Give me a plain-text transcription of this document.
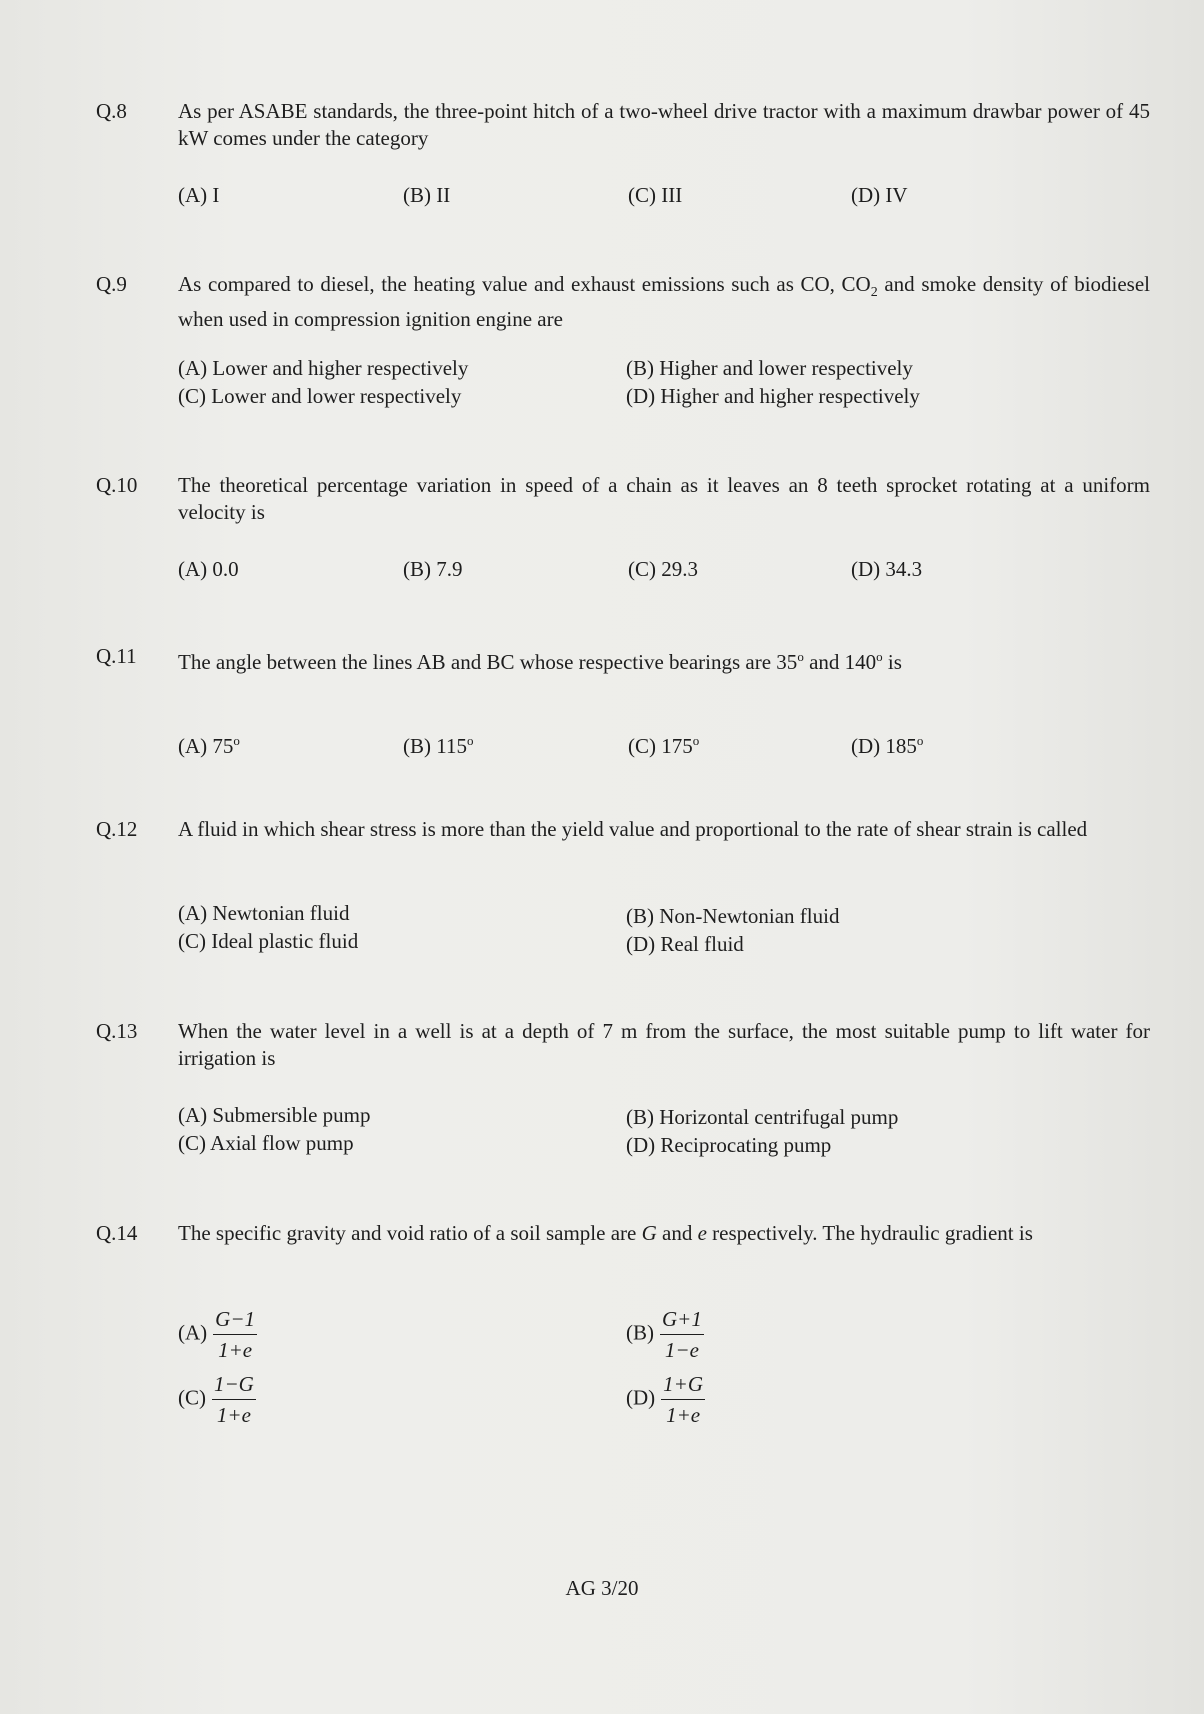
Q.8 As per ASABE standards, the three-point hitch of a two-wheel drive tractor with a maximum drawbar power of 45 kW comes under the category
(A) I	(B) II	(C) III	(D) IV
Q.9 As compared to diesel, the heating value and exhaust emissions such as CO, $CO_2$ and smoke density of biodiesel when used in compression ignition engine are
(A) Lower and higher respectively	(B) Higher and lower respectively
(C) Lower and lower respectively	(D) Higher and higher respectively
Q.10 The theoretical percentage variation in speed of a chain as it leaves an 8 teeth sprocket rotating at a uniform velocity is
(A) 0.0	(B) 7.9	(C) 29.3	(D) 34.3
Q.11 The angle between the lines AB and BC whose respective bearings are 35$^o$ and 140$^o$ is
(A) 75$^o$	(B) 115$^o$	(C) 175$^o$	(D) 185$^o$
Q.12 A fluid in which shear stress is more than the yield value and proportional to the rate of shear strain is called
(A) Newtonian fluid	(B) Non-Newtonian fluid
(C) Ideal plastic fluid	(D) Real fluid
Q.13 When the water level in a well is at a depth of 7 m from the surface, the most suitable pump to lift water for irrigation is
(A) Submersible pump	(B) Horizontal centrifugal pump
(C) Axial flow pump	(D) Reciprocating pump
Q.14 The specific gravity and void ratio of a soil sample are G and e respectively. The hydraulic gradient is
$(A) \frac{G-1}{1+e}$	$(B) \frac{G+1}{1-e}$
$(C) \frac{1-G}{1+e}$	$(D) \frac{1+G}{1+e}$
AG 3/20
